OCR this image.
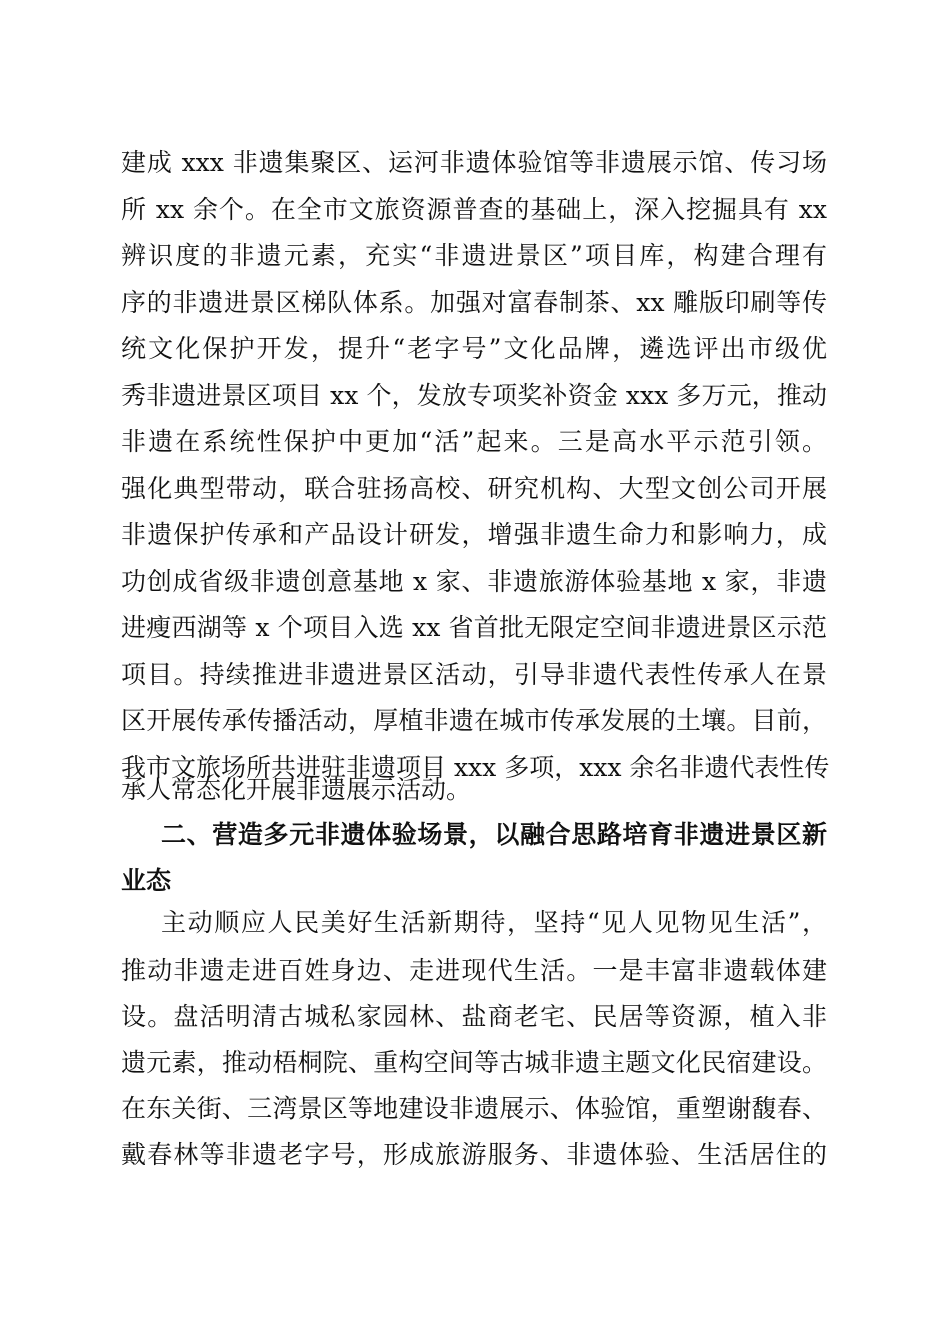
建成 xxx 非遗集聚区、运河非遗体验馆等非遗展示馆、传习场
所 xx 余个。在全市文旅资源普查的基础上，深入挖掘具有 xx
辨识度的非遗元素，充实“非遗进景区”项目库，构建合理有
序的非遗进景区梯队体系。加强对富春制茶、xx 雕版印刷等传
统文化保护开发，提升“老字号”文化品牌，遴选评出市级优
秀非遗进景区项目 xx 个，发放专项奖补资金 xxx 多万元，推动
非遗在系统性保护中更加“活”起来。三是高水平示范引领。
强化典型带动，联合驻扬高校、研究机构、大型文创公司开展
非遗保护传承和产品设计研发，增强非遗生命力和影响力，成
功创成省级非遗创意基地 x 家、非遗旅游体验基地 x 家，非遗
进瘦西湖等 x 个项目入选 xx 省首批无限定空间非遗进景区示范
项目。持续推进非遗进景区活动，引导非遗代表性传承人在景
区开展传承传播活动，厚植非遗在城市传承发展的土壤。目前，
我市文旅场所共进驻非遗项目 xxx 多项，xxx 余名非遗代表性传
承人常态化开展非遗展示活动。
二、营造多元非遗体验场景，以融合思路培育非遗进景区新
业态
主动顺应人民美好生活新期待，坚持“见人见物见生活”，
推动非遗走进百姓身边、走进现代生活。一是丰富非遗载体建
设。盘活明清古城私家园林、盐商老宅、民居等资源，植入非
遗元素，推动梧桐院、重构空间等古城非遗主题文化民宿建设。
在东关街、三湾景区等地建设非遗展示、体验馆，重塑谢馥春、
戴春林等非遗老字号，形成旅游服务、非遗体验、生活居住的
